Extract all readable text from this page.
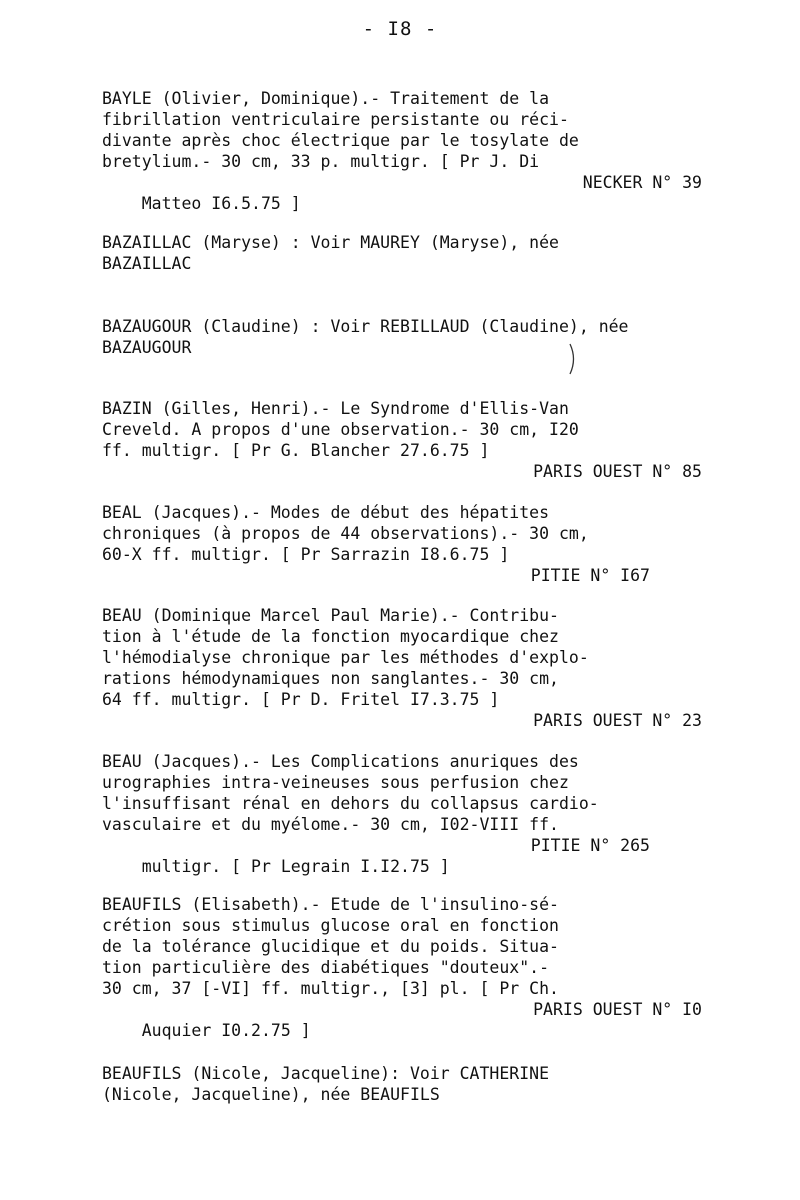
- I8 -
BAYLE (Olivier, Dominique).- Traitement de la
fibrillation ventriculaire persistante ou réci-
divante après choc électrique par le tosylate de
bretylium.- 30 cm, 33 p. multigr. [ Pr J. Di

Matteo I6.5.75 ]

NECKER N° 39

BAZAILLAC (Maryse) : Voir MAUREY (Maryse), née
BAZAILLAC
BAZAUGOUR (Claudine) : Voir REBILLAUD (Claudine), née
BAZAUGOUR
BAZIN (Gilles, Henri).- Le Syndrome d'Ellis-Van
Creveld. A propos d'une observation.- 30 cm, I20
ff. multigr. [ Pr G. Blancher 27.6.75 ]
PARIS OUEST N° 85
BEAL (Jacques).- Modes de début des hépatites
chroniques (à propos de 44 observations).- 30 cm,
60-X ff. multigr. [ Pr Sarrazin I8.6.75 ]
PITIE N° I67
BEAU (Dominique Marcel Paul Marie).- Contribu-
tion à l'étude de la fonction myocardique chez
l'hémodialyse chronique par les méthodes d'explo-
rations hémodynamiques non sanglantes.- 30 cm,
64 ff. multigr. [ Pr D. Fritel I7.3.75 ]
PARIS OUEST N° 23
BEAU (Jacques).- Les Complications anuriques des
urographies intra-veineuses sous perfusion chez
l'insuffisant rénal en dehors du collapsus cardio-
vasculaire et du myélome.- 30 cm, I02-VIII ff.

multigr. [ Pr Legrain I.I2.75 ]

PITIE N° 265

BEAUFILS (Elisabeth).- Etude de l'insulino-sé-
crétion sous stimulus glucose oral en fonction
de la tolérance glucidique et du poids. Situa-
tion particulière des diabétiques "douteux".-
30 cm, 37 [-VI] ff. multigr., [3] pl. [ Pr Ch.

Auquier I0.2.75 ]

PARIS OUEST N° I0

BEAUFILS (Nicole, Jacqueline): Voir CATHERINE
(Nicole, Jacqueline), née BEAUFILS
